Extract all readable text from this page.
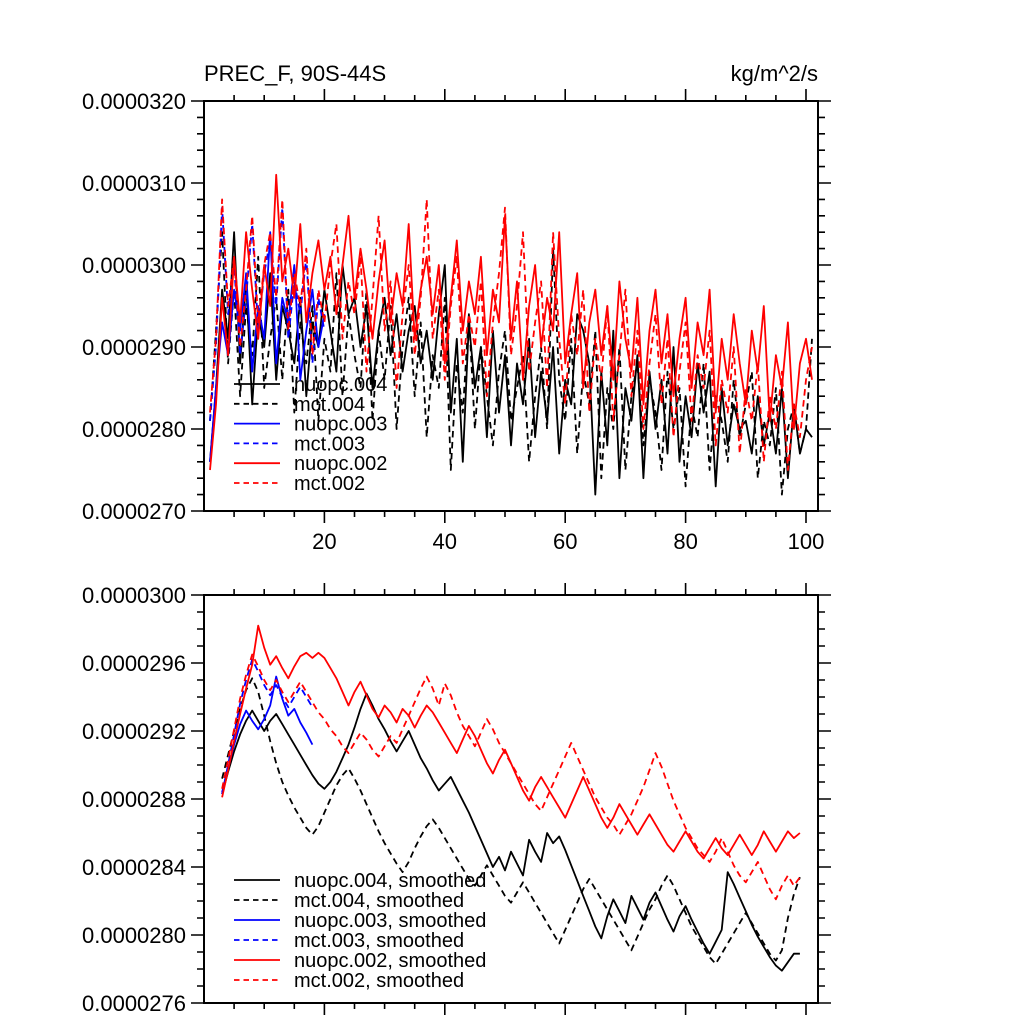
PREC_F, 90S-44S	kg/m^2/s
nuopc.004
mct.004
nuopc.003
mct.003
nuopc.002
mct.002
0.0000320
0.0000310
0.0000300
0.0000290
0.0000280
0.0000270
20	40	60	80	100
nuopc.004, smoothed
mct.004, smoothed
nuopc.003, smoothed
mct.003, smoothed
nuopc.002, smoothed
mct.002, smoothed
0.0000300
0.0000296
0.0000292
0.0000288
0.0000284
0.0000280
0.0000276
